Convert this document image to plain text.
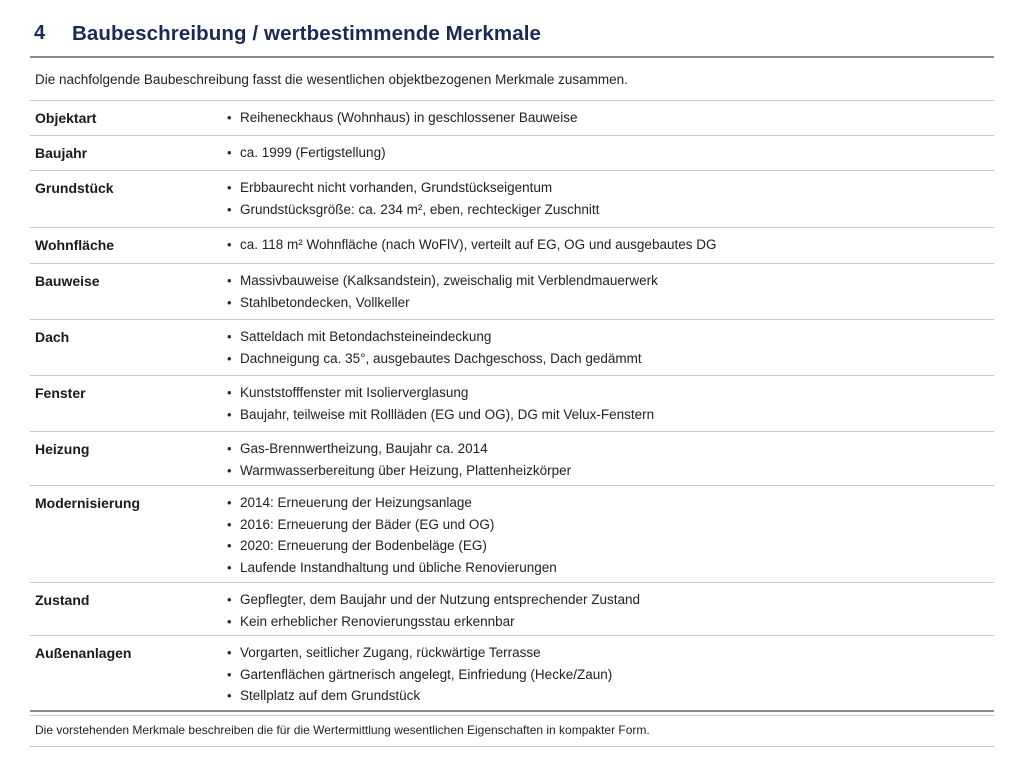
4	Baubeschreibung / wertbestimmende Merkmale
Die nachfolgende Baubeschreibung fasst die wesentlichen objektbezogenen Merkmale zusammen.
Objektart	• Reiheneckhaus (Wohnhaus) in geschlossener Bauweise
Baujahr	• ca. 1999 (Fertigstellung)
Grundstück	• Erbbaurecht nicht vorhanden, Grundstückseigentum
• Grundstücksgröße: ca. 234 m², eben, rechteckiger Zuschnitt
Wohnfläche	• ca. 118 m² Wohnfläche (nach WoFlV), verteilt auf EG, OG und ausgebautes DG
Bauweise	• Massivbauweise (Kalksandstein), zweischalig mit Verblendmauerwerk
• Stahlbetondecken, Vollkeller
Dach	• Satteldach mit Betondachsteineindeckung
• Dachneigung ca. 35°, ausgebautes Dachgeschoss, Dach gedämmt
Fenster	• Kunststofffenster mit Isolierverglasung
• Baujahr, teilweise mit Rollläden (EG und OG), DG mit Velux-Fenstern
Heizung	• Gas-Brennwertheizung, Baujahr ca. 2014
• Warmwasserbereitung über Heizung, Plattenheizkörper
Modernisierung	• 2014: Erneuerung der Heizungsanlage
• 2016: Erneuerung der Bäder (EG und OG)
• 2020: Erneuerung der Bodenbeläge (EG)
• Laufende Instandhaltung und übliche Renovierungen
Zustand	• Gepflegter, dem Baujahr und der Nutzung entsprechender Zustand
• Kein erheblicher Renovierungsstau erkennbar
Außenanlagen	• Vorgarten, seitlicher Zugang, rückwärtige Terrasse
• Gartenflächen gärtnerisch angelegt, Einfriedung (Hecke/Zaun)
• Stellplatz auf dem Grundstück
Die vorstehenden Merkmale beschreiben die für die Wertermittlung wesentlichen Eigenschaften in kompakter Form.
